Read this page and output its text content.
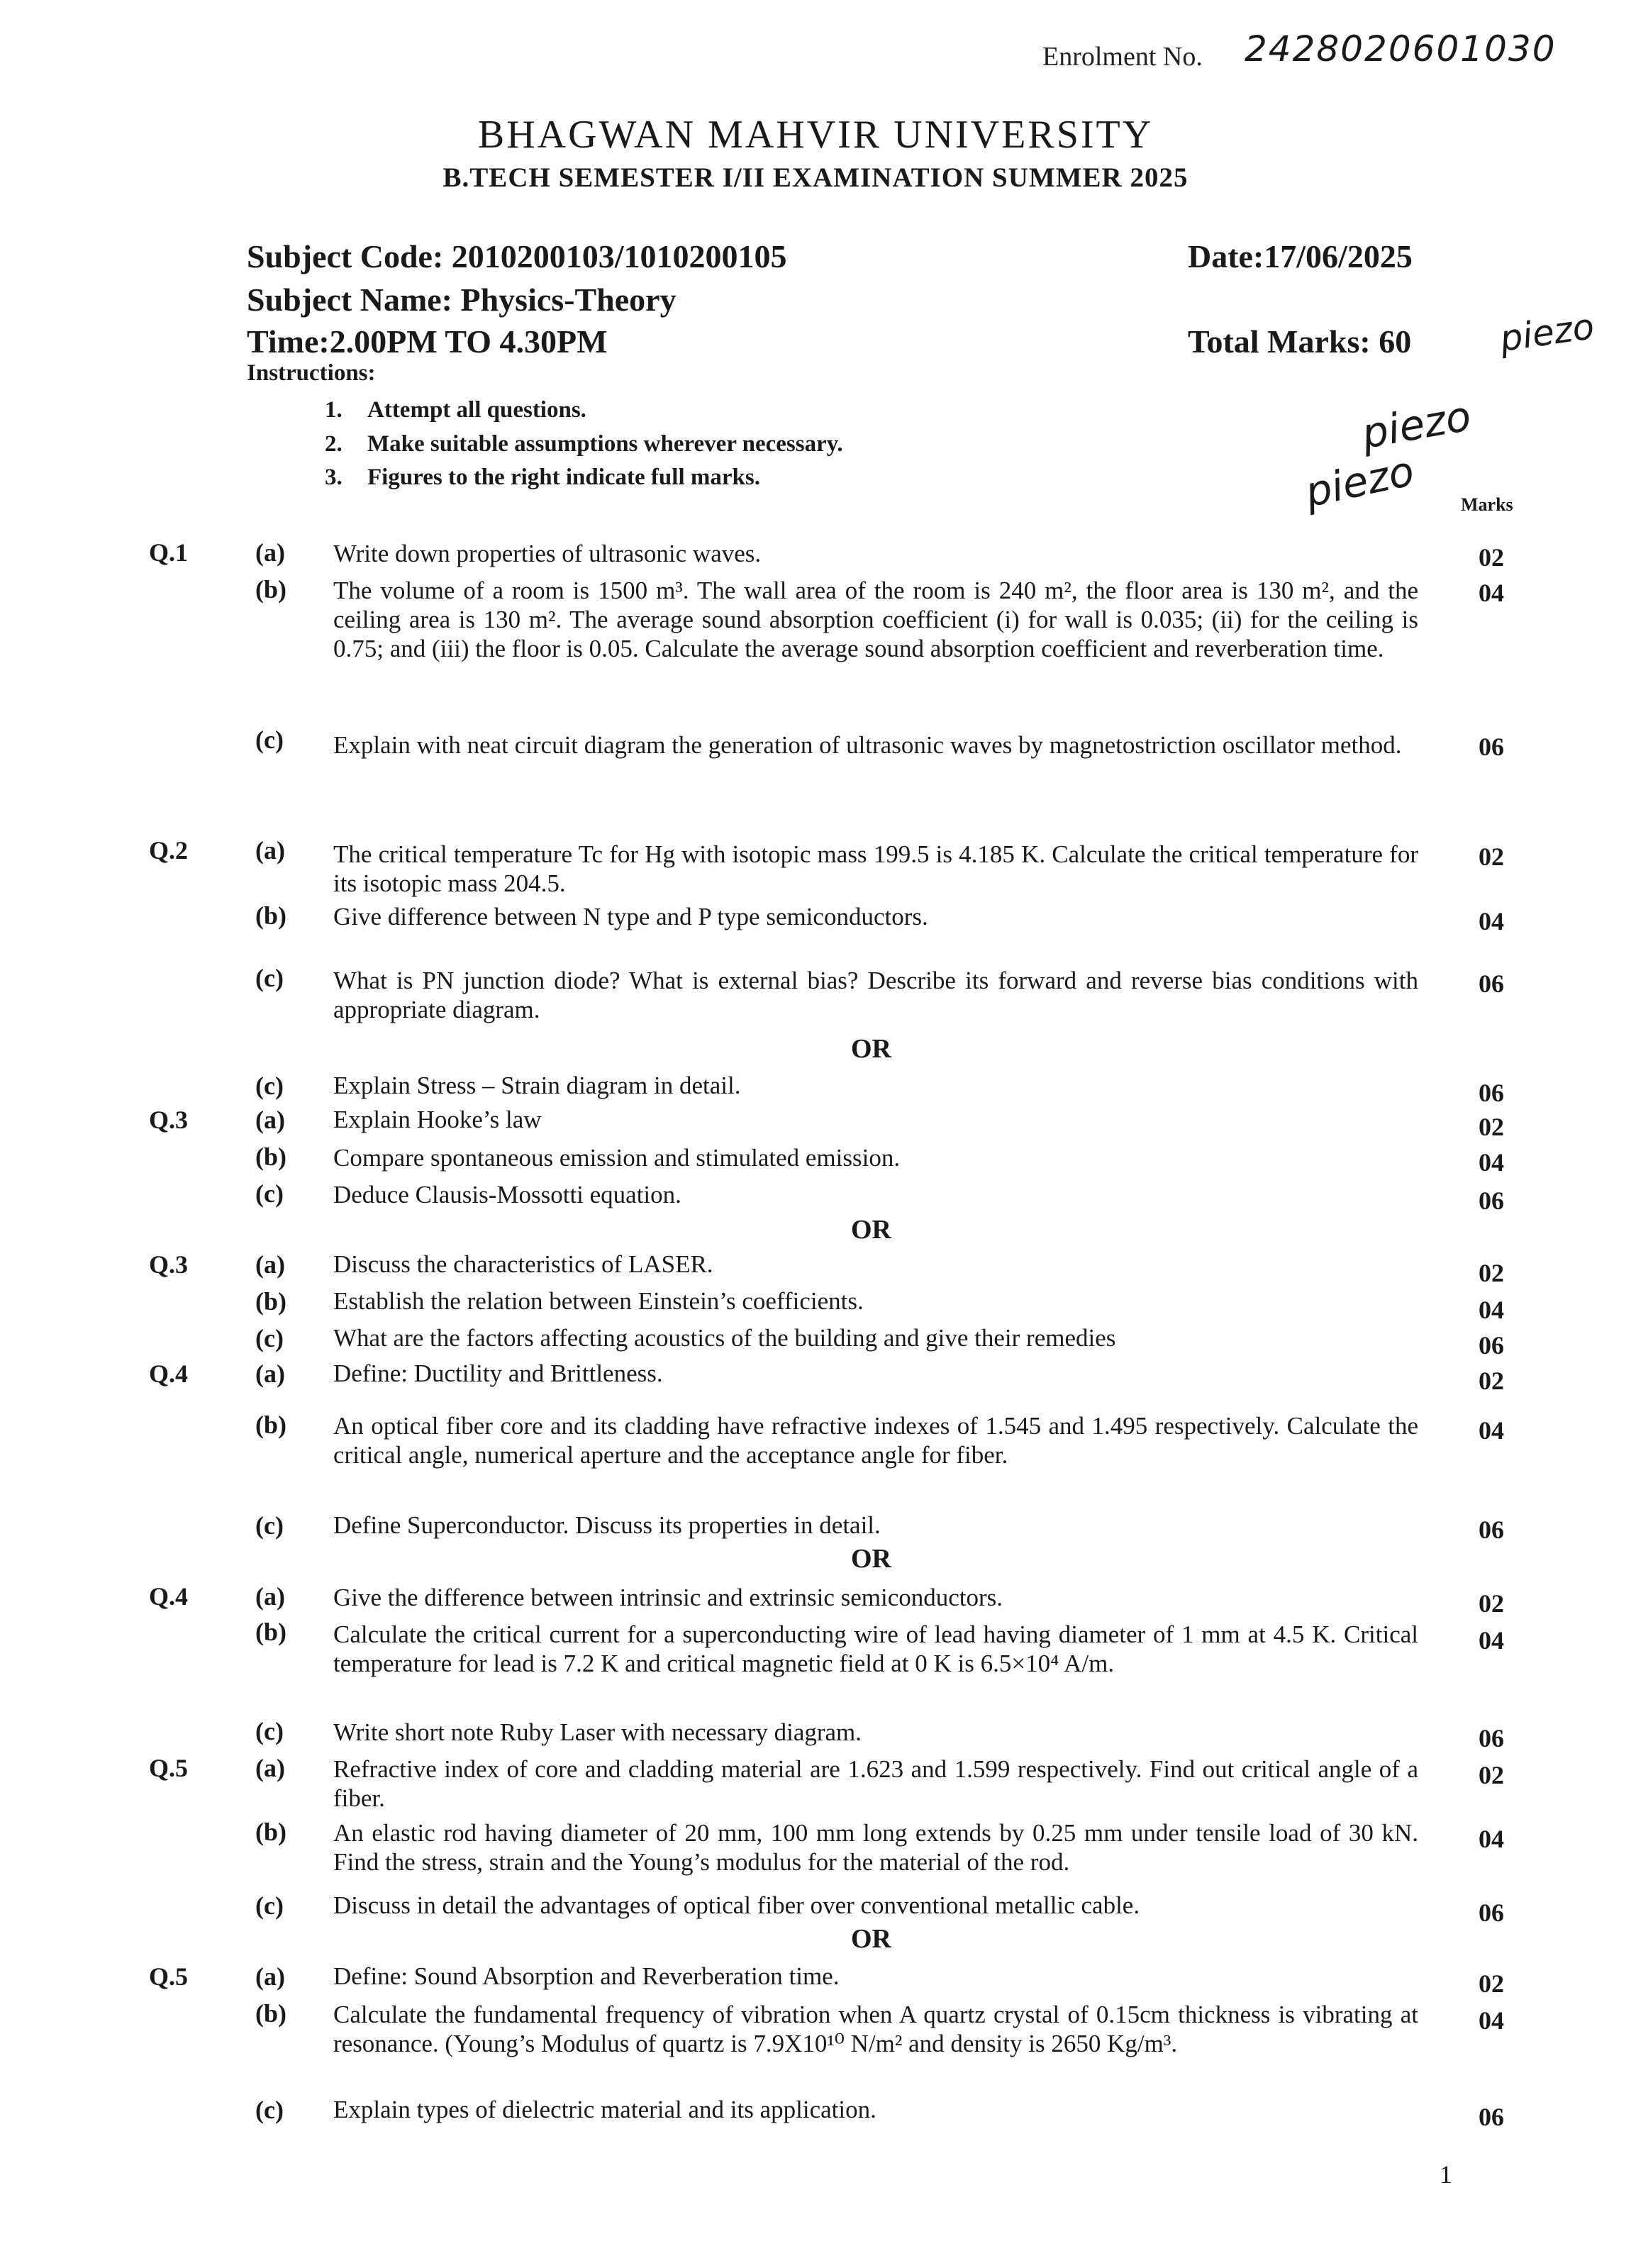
Enrolment No. 2428020601030
BHAGWAN MAHVIR UNIVERSITY
B.TECH SEMESTER I/II EXAMINATION SUMMER 2025
Subject Code: 2010200103/1010200105	Date:17/06/2025
Subject Name: Physics-Theory
Time:2.00PM TO 4.30PM	Total Marks: 60 piezo
piezo
piezo
Instructions:
1. Attempt all questions.
2. Make suitable assumptions wherever necessary.
3. Figures to the right indicate full marks.
Marks
Q.1	(a) Write down properties of ultrasonic waves.	02
(b) The volume of a room is 1500 m³. The wall area of the room is 240 m², the floor area is 130 m², and the ceiling area is 130 m². The average sound absorption coefficient (i) for wall is 0.035; (ii) for the ceiling is 0.75; and (iii) the floor is 0.05. Calculate the average sound absorption coefficient and reverberation time.
04
(c) Explain with neat circuit diagram the generation of ultrasonic waves by magnetostriction oscillator method.	06
Q.2	(a) The critical temperature Tc for Hg with isotopic mass 199.5 is 4.185 K. Calculate the critical temperature for its isotopic mass 204.5.
02
(b) Give difference between N type and P type semiconductors.	04
(c) What is PN junction diode? What is external bias? Describe its forward and reverse bias conditions with appropriate diagram.
06
OR
(c) Explain Stress – Strain diagram in detail.	06
Q.3	(a) Explain Hooke’s law	02
(b) Compare spontaneous emission and stimulated emission.	04
(c) Deduce Clausis-Mossotti equation.	06
OR
Q.3	(a) Discuss the characteristics of LASER.	02
(b) Establish the relation between Einstein’s coefficients.	04
(c) What are the factors affecting acoustics of the building and give their remedies	06
Q.4	(a) Define: Ductility and Brittleness.	02
(b) An optical fiber core and its cladding have refractive indexes of 1.545 and 1.495 respectively. Calculate the critical angle, numerical aperture and the acceptance angle for fiber.
04
(c) Define Superconductor. Discuss its properties in detail.	06
OR
Q.4	(a) Give the difference between intrinsic and extrinsic semiconductors.	02
(b) Calculate the critical current for a superconducting wire of lead having diameter of 1 mm at 4.5 K. Critical temperature for lead is 7.2 K and critical magnetic field at 0 K is 6.5×10⁴ A/m.
04
(c) Write short note Ruby Laser with necessary diagram.	06
Q.5	(a) Refractive index of core and cladding material are 1.623 and 1.599 respectively. Find out critical angle of a fiber.
02
(b) An elastic rod having diameter of 20 mm, 100 mm long extends by 0.25 mm under tensile load of 30 kN. Find the stress, strain and the Young’s modulus for the material of the rod.
04
(c) Discuss in detail the advantages of optical fiber over conventional metallic cable.	06
OR
Q.5	(a) Define: Sound Absorption and Reverberation time.	02
(b) Calculate the fundamental frequency of vibration when A quartz crystal of 0.15cm thickness is vibrating at resonance. (Young’s Modulus of quartz is 7.9X10¹⁰ N/m² and density is 2650 Kg/m³.
04
(c) Explain types of dielectric material and its application.	06
1
